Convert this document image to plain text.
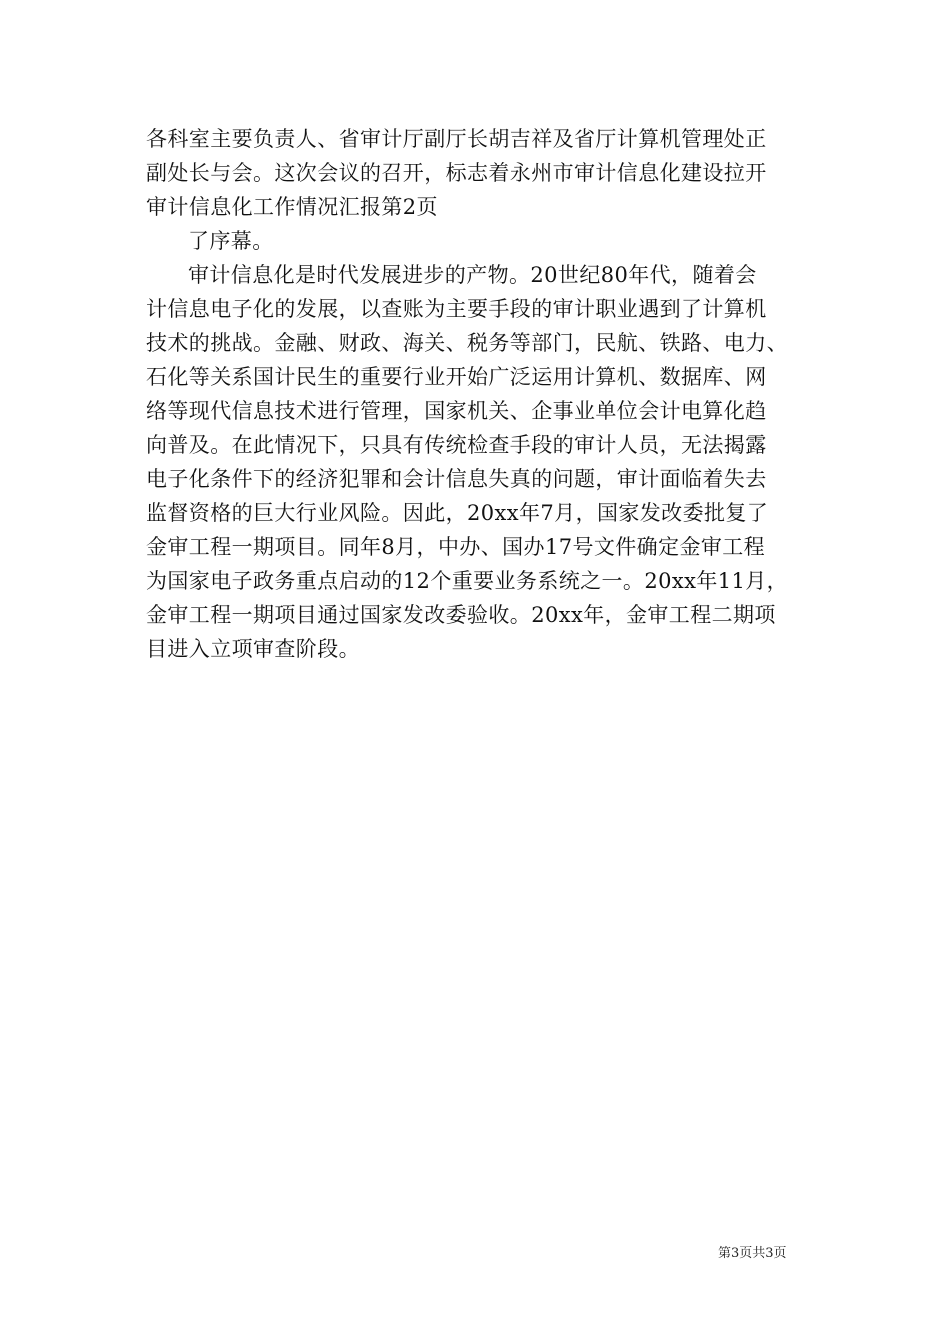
各科室主要负责人、省审计厅副厅长胡吉祥及省厅计算机管理处正
副处长与会。这次会议的召开，标志着永州市审计信息化建设拉开
审计信息化工作情况汇报第2页
了序幕。
审计信息化是时代发展进步的产物。20世纪80年代，随着会
计信息电子化的发展，以查账为主要手段的审计职业遇到了计算机
技术的挑战。金融、财政、海关、税务等部门，民航、铁路、电力、
石化等关系国计民生的重要行业开始广泛运用计算机、数据库、网
络等现代信息技术进行管理，国家机关、企事业单位会计电算化趋
向普及。在此情况下，只具有传统检查手段的审计人员，无法揭露
电子化条件下的经济犯罪和会计信息失真的问题，审计面临着失去
监督资格的巨大行业风险。因此，20xx年7月，国家发改委批复了
金审工程一期项目。同年8月，中办、国办17号文件确定金审工程
为国家电子政务重点启动的12个重要业务系统之一。20xx年11月，
金审工程一期项目通过国家发改委验收。20xx年，金审工程二期项
目进入立项审查阶段。
第3页共3页
